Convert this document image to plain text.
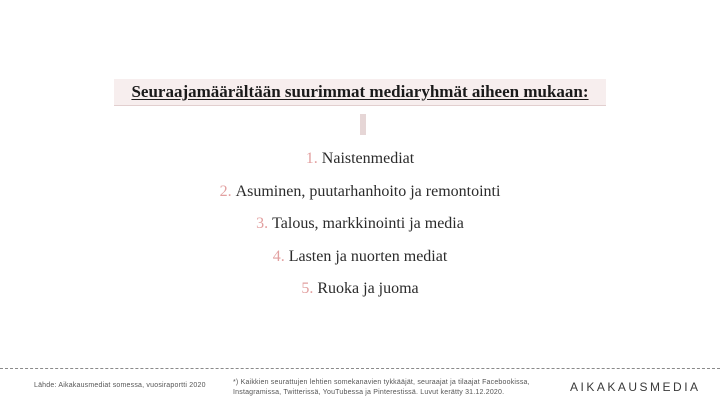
Seuraajamäärältään suurimmat mediaryhmät aiheen mukaan:
1. Naistenmediat
2. Asuminen, puutarhanhoito ja remontointi
3. Talous, markkinointi ja media
4. Lasten ja nuorten mediat
5. Ruoka ja juoma
Lähde: Aikakausmediat somessa, vuosiraportti 2020	*) Kaikkien seurattujen lehtien somekanavien tykkääjät, seuraajat ja tilaajat Facebookissa,
Instagramissa, Twitterissä, YouTubessa ja Pinterestissä. Luvut kerätty 31.12.2020.	AIKAKAUSMEDIA
